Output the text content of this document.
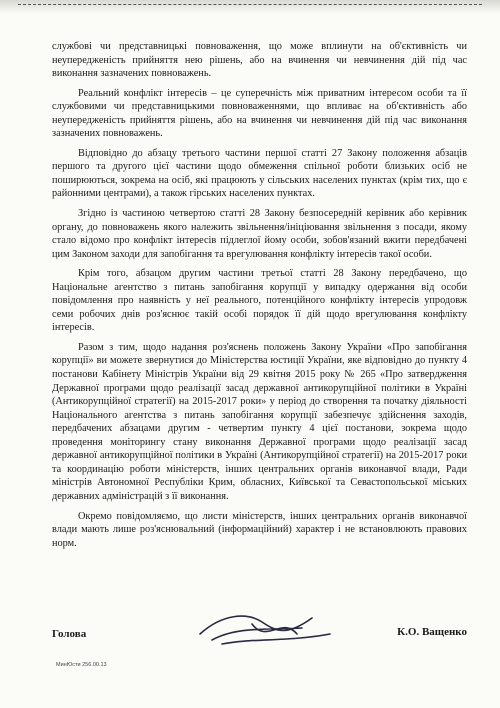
службові чи представницькі повноваження, що може вплинути на об'єктивність чи неупередженість прийняття нею рішень, або на вчинення чи невчинення дій під час виконання зазначених повноважень.

Реальний конфлікт інтересів – це суперечність між приватним інтересом особи та її службовими чи представницькими повноваженнями, що впливає на об'єктивність або неупередженість прийняття рішень, або на вчинення чи невчинення дій під час виконання зазначених повноважень.

Відповідно до абзацу третього частини першої статті 27 Закону положення абзаців першого та другого цієї частини щодо обмеження спільної роботи близьких осіб не поширюються, зокрема на осіб, які працюють у сільських населених пунктах (крім тих, що є районними центрами), а також гірських населених пунктах.

Згідно із частиною четвертою статті 28 Закону безпосередній керівник або керівник органу, до повноважень якого належить звільнення/ініціювання звільнення з посади, якому стало відомо про конфлікт інтересів підлеглої йому особи, зобов'язаний вжити передбачені цим Законом заходи для запобігання та врегулювання конфлікту інтересів такої особи.

Крім того, абзацом другим частини третьої статті 28 Закону передбачено, що Національне агентство з питань запобігання корупції у випадку одержання від особи повідомлення про наявність у неї реального, потенційного конфлікту інтересів упродовж семи робочих днів роз'яснює такій особі порядок її дій щодо врегулювання конфлікту інтересів.

Разом з тим, щодо надання роз'яснень положень Закону України «Про запобігання корупції» ви можете звернутися до Міністерства юстиції України, яке відповідно до пункту 4 постанови Кабінету Міністрів України від 29 квітня 2015 року № 265 «Про затвердження Державної програми щодо реалізації засад державної антикорупційної політики в Україні (Антикорупційної стратегії) на 2015-2017 роки» у період до створення та початку діяльності Національного агентства з питань запобігання корупції забезпечує здійснення заходів, передбачених абзацами другим - четвертим пункту 4 цієї постанови, зокрема щодо проведення моніторингу стану виконання Державної програми щодо реалізації засад державної антикорупційної політики в Україні (Антикорупційної стратегії) на 2015-2017 роки та координацію роботи міністерств, інших центральних органів виконавчої влади, Ради міністрів Автономної Республіки Крим, обласних, Київської та Севастопольської міських державних адміністрацій з її виконання.

Окремо повідомляємо, що листи міністерств, інших центральних органів виконавчої влади мають лише роз'яснювальний (інформаційний) характер і не встановлюють правових норм.

Голова	К.О. Ващенко
МинЮсти 256.00.13
